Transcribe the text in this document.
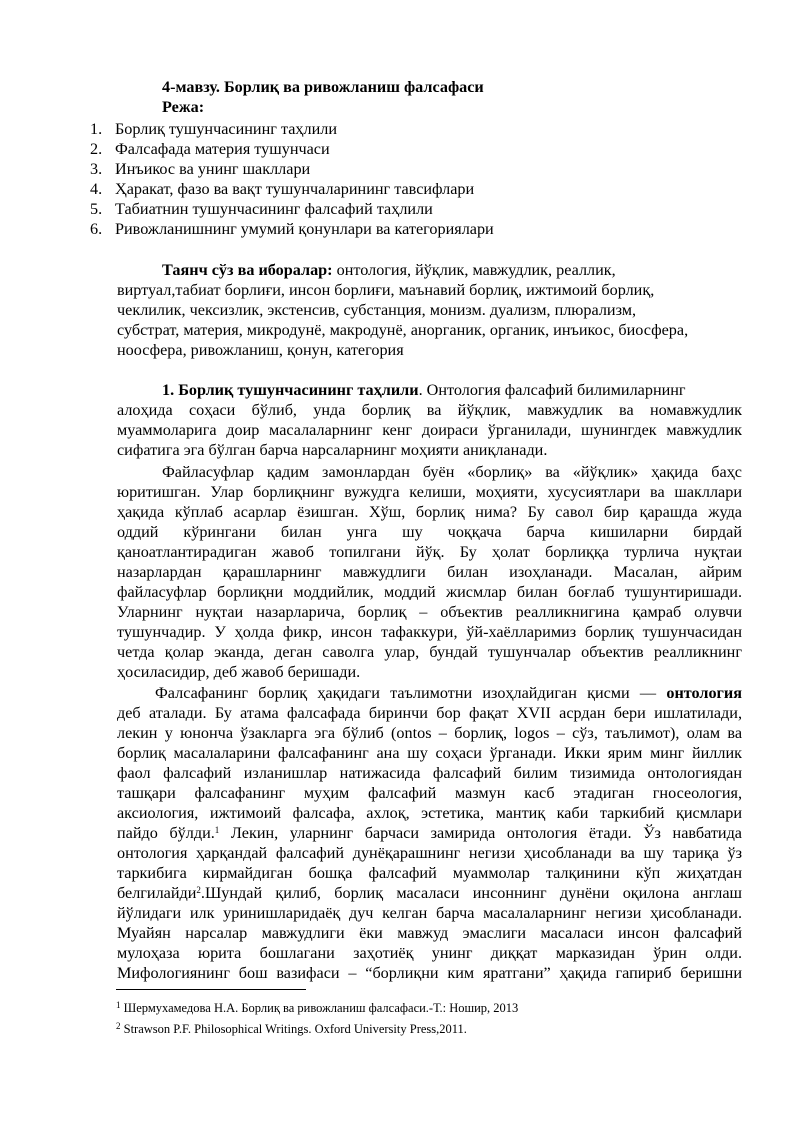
4-мавзу. Борлиқ ва ривожланиш фалсафаси
Режа:
1. Борлиқ тушунчасининг таҳлили
2. Фалсафада материя тушунчаси
3. Инъикос ва унинг шакллари
4. Ҳаракат, фазо ва вақт тушунчаларининг тавсифлари
5. Табиатнин тушунчасининг фалсафий таҳлили
6. Ривожланишнинг умумий қонунлари ва категориялари
Таянч сўз ва иборалар: онтология, йўқлик, мавжудлик, реаллик,
виртуал,табиат борлиғи, инсон борлиғи, маънавий борлиқ, ижтимоий борлиқ,
чеклилик, чексизлик, экстенсив, субстанция, монизм. дуализм, плюрализм,
субстрат, материя, микродунё, макродунё, анорганик, органик, инъикос, биосфера,
ноосфера, ривожланиш, қонун, категория
1. Борлиқ тушунчасининг таҳлили. Онтология фалсафий билимиларнинг
алоҳида соҳаси бўлиб, унда борлиқ ва йўқлик, мавжудлик ва номавжудлик
муаммоларига доир масалаларнинг кенг доираси ўрганилади, шунингдек мавжудлик
сифатига эга бўлган барча нарсаларнинг моҳияти аниқланади.
Файласуфлар қадим замонлардан буён «борлиқ» ва «йўқлик» ҳақида баҳс
юритишган. Улар борлиқнинг вужудга келиши, моҳияти, хусусиятлари ва шакллари
ҳақида кўплаб асарлар ёзишган. Хўш, борлиқ нима? Бу савол бир қарашда жуда
оддий кўрингани билан унга шу чоққача барча кишиларни бирдай
қаноатлантирадиган жавоб топилгани йўқ. Бу ҳолат борлиққа турлича нуқтаи
назарлардан қарашларнинг мавжудлиги билан изоҳланади. Масалан, айрим
файласуфлар борлиқни моддийлик, моддий жисмлар билан боғлаб тушунтиришади.
Уларнинг нуқтаи назарларича, борлиқ – объектив реалликнигина қамраб олувчи
тушунчадир. У ҳолда фикр, инсон тафаккури, ўй-хаёлларимиз борлиқ тушунчасидан
четда қолар эканда, деган саволга улар, бундай тушунчалар объектив реалликнинг
ҳосиласидир, деб жавоб беришади.
Фалсафанинг борлиқ ҳақидаги таълимотни изоҳлайдиган қисми — онтология
деб аталади. Бу атама фалсафада биринчи бор фақат XVII асрдан бери ишлатилади,
лекин у юнонча ўзакларга эга бўлиб (ontos – борлиқ, logos – сўз, таълимот), олам ва
борлиқ масалаларини фалсафанинг ана шу соҳаси ўрганади. Икки ярим минг йиллик
фаол фалсафий изланишлар натижасида фалсафий билим тизимида онтологиядан
ташқари фалсафанинг муҳим фалсафий мазмун касб этадиган гносеология,
аксиология, ижтимоий фалсафа, ахлоқ, эстетика, мантиқ каби таркибий қисмлари
пайдо бўлди.$^1$ Лекин, уларнинг барчаси замирида онтология ётади. Ўз навбатида
онтология ҳарқандай фалсафий дунёқарашнинг негизи ҳисобланади ва шу тариқа ўз
таркибига кирмайдиган бошқа фалсафий муаммолар талқинини кўп жиҳатдан
белгилайди$^2$.Шундай қилиб, борлиқ масаласи инсоннинг дунёни оқилона англаш
йўлидаги илк уринишларидаёқ дуч келган барча масалаларнинг негизи ҳисобланади.
Муайян нарсалар мавжудлиги ёки мавжуд эмаслиги масаласи инсон фалсафий
мулоҳаза юрита бошлагани заҳотиёқ унинг диққат марказидан ўрин олди.
Мифологиянинг бош вазифаси – “борлиқни ким яратгани” ҳақида гапириб беришни
$^1$ Шермухамедова Н.А. Борлиқ ва ривожланиш фалсафаси.-Т.: Ношир, 2013
$^2$ Strawson P.F. Philosophical Writings. Oxford University Press,2011.
